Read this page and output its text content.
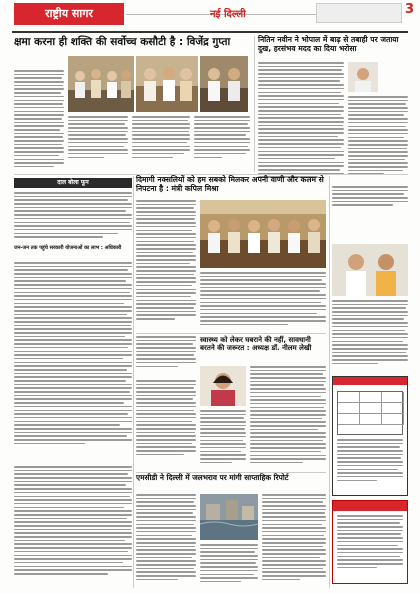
राष्ट्रीय सागर	नई दिल्ली	3
क्षमा करना ही शक्ति की सर्वोच्च कसौटी है : विजेंद्र गुप्ता	नितिन नवीन ने भोपाल में बाढ़ से तबाही पर जताया दुख, हरसंभव मदद का दिया भरोसा
दाल बोला फून	दिमागी नक्सलियों को हम सबको मिलकर अपनी वाणी और कलम से निपटना है : मंत्री कपिल मिश्रा
जन-जन तक पहुंचे सरकारी योजनाओं का लाभ : अधिकारी
स्वास्थ्य को लेकर घबराने की नहीं, सावधानी बरतने की जरूरत : अध्यक्ष डॉ. नीलम लेखी
एमसीडी ने दिल्ली में जलभराव पर मांगी साप्ताहिक रिपोर्ट
